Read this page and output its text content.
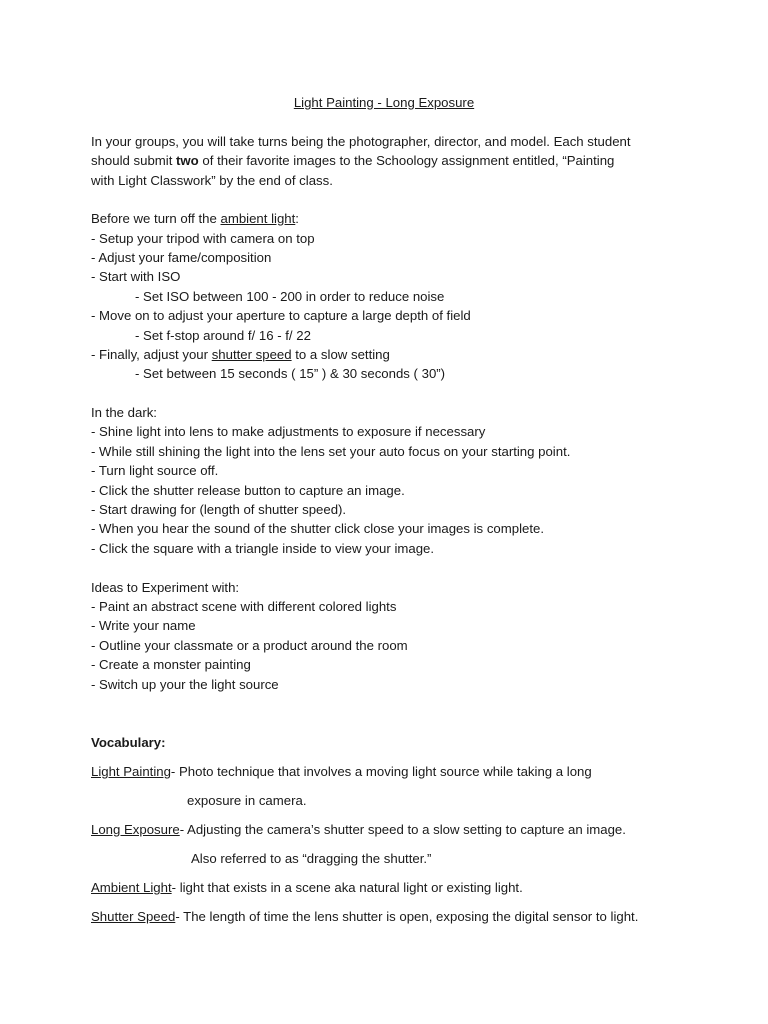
Light Painting - Long Exposure
In your groups, you will take turns being the photographer, director, and model. Each student
should submit two of their favorite images to the Schoology assignment entitled, “Painting
with Light Classwork” by the end of class.
Before we turn off the ambient light:
- Setup your tripod with camera on top
- Adjust your fame/composition
- Start with ISO
- Set ISO between 100 - 200 in order to reduce noise
- Move on to adjust your aperture to capture a large depth of field
- Set f-stop around f/ 16 - f/ 22
- Finally, adjust your shutter speed to a slow setting
- Set between 15 seconds ( 15” ) & 30 seconds ( 30”)
In the dark:
- Shine light into lens to make adjustments to exposure if necessary
- While still shining the light into the lens set your auto focus on your starting point.
- Turn light source off.
- Click the shutter release button to capture an image.
- Start drawing for (length of shutter speed).
- When you hear the sound of the shutter click close your images is complete.
- Click the square with a triangle inside to view your image.
Ideas to Experiment with:
- Paint an abstract scene with different colored lights
- Write your name
- Outline your classmate or a product around the room
- Create a monster painting
- Switch up your the light source
Vocabulary:
Light Painting- Photo technique that involves a moving light source while taking a long
exposure in camera.
Long Exposure- Adjusting the camera’s shutter speed to a slow setting to capture an image.
Also referred to as “dragging the shutter.”
Ambient Light- light that exists in a scene aka natural light or existing light.
Shutter Speed- The length of time the lens shutter is open, exposing the digital sensor to light.
